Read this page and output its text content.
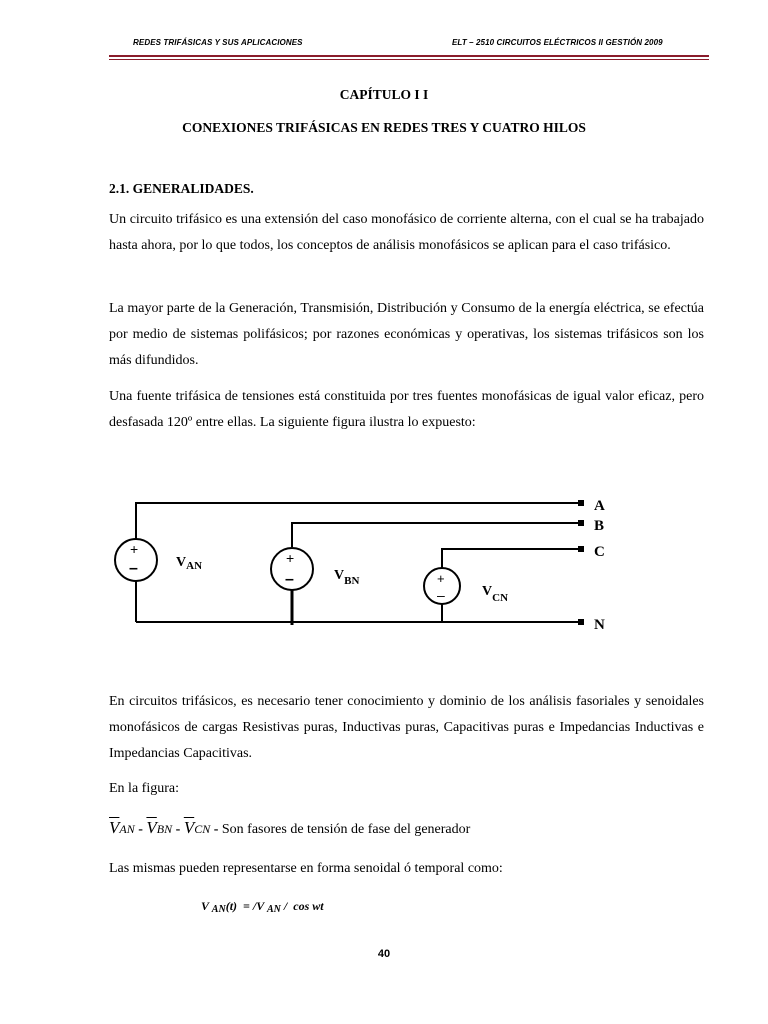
REDES TRIFÁSICAS Y SUS APLICACIONES	ELT – 2510 CIRCUITOS ELÉCTRICOS II GESTIÓN 2009
CAPÍTULO I I
CONEXIONES TRIFÁSICAS EN REDES TRES Y CUATRO HILOS
2.1. GENERALIDADES.
Un circuito trifásico es una extensión del caso monofásico de corriente alterna, con el cual se ha trabajado hasta ahora, por lo que todos, los conceptos de análisis monofásicos se aplican para el caso trifásico.
La mayor parte de la Generación, Transmisión, Distribución y Consumo de la energía eléctrica, se efectúa por medio de sistemas polifásicos; por razones económicas y operativas, los sistemas trifásicos son los más difundidos.
Una fuente trifásica de tensiones está constituida por tres fuentes monofásicas de igual valor eficaz, pero desfasada 120º entre ellas. La siguiente figura ilustra lo expuesto:
A
B
C
N
+
–
+
–	+
–
$V_{AN}$
$V_{BN}$
$V_{CN}$
En circuitos trifásicos, es necesario tener conocimiento y dominio de los análisis fasoriales y senoidales monofásicos de cargas Resistivas puras, Inductivas puras, Capacitivas puras e Impedancias Inductivas e Impedancias Capacitivas.
En la figura:
$\overline{V}AN - \overline{V}BN - \overline{V}CN$ - Son fasores de tensión de fase del generador
Las mismas pueden representarse en forma senoidal ó temporal como:
V AN(t) = /V AN / cos wt
40
